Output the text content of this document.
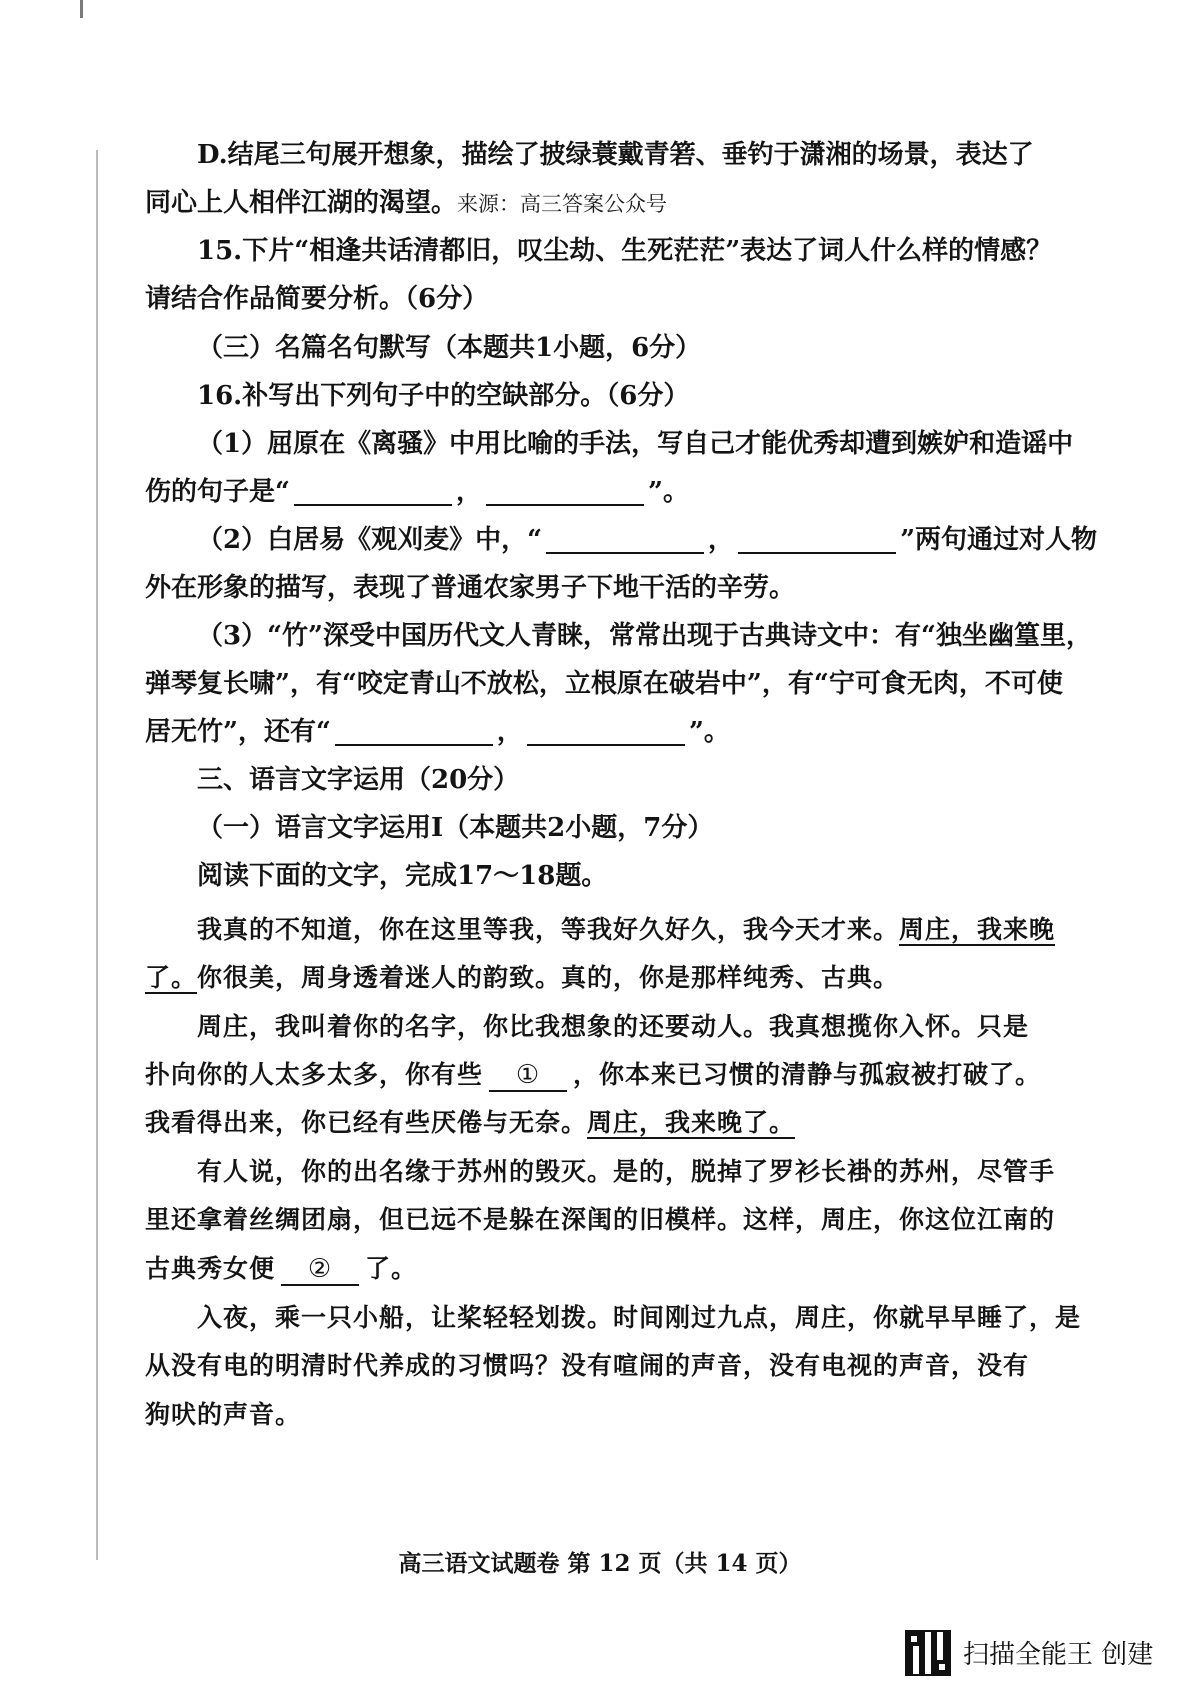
D.结尾三句展开想象，描绘了披绿蓑戴青箬、垂钓于潇湘的场景，表达了
同心上人相伴江湖的渴望。来源：高三答案公众号
15.下片“相逢共话清都旧，叹尘劫、生死茫茫”表达了词人什么样的情感？
请结合作品简要分析。（6分）
（三）名篇名句默写（本题共1小题，6分）
16.补写出下列句子中的空缺部分。（6分）
（1）屈原在《离骚》中用比喻的手法，写自己才能优秀却遭到嫉妒和造谣中
伤的句子是“	，	”。
（2）白居易《观刈麦》中，“	，	”两句通过对人物
外在形象的描写，表现了普通农家男子下地干活的辛劳。
（3）“竹”深受中国历代文人青睐，常常出现于古典诗文中：有“独坐幽篁里，
弹琴复长啸”，有“咬定青山不放松，立根原在破岩中”，有“宁可食无肉，不可使
居无竹”，还有“	，	”。
三、语言文字运用（20分）
（一）语言文字运用Ⅰ（本题共2小题，7分）
阅读下面的文字，完成17～18题。
我真的不知道，你在这里等我，等我好久好久，我今天才来。周庄，我来晚
了。你很美，周身透着迷人的韵致。真的，你是那样纯秀、古典。
周庄，我叫着你的名字，你比我想象的还要动人。我真想揽你入怀。只是
扑向你的人太多太多，你有些 ① ，你本来已习惯的清静与孤寂被打破了。
我看得出来，你已经有些厌倦与无奈。周庄，我来晚了。
有人说，你的出名缘于苏州的毁灭。是的，脱掉了罗衫长褂的苏州，尽管手
里还拿着丝绸团扇，但已远不是躲在深闺的旧模样。这样，周庄，你这位江南的
古典秀女便 ② 了。
入夜，乘一只小船，让桨轻轻划拨。时间刚过九点，周庄，你就早早睡了，是
从没有电的明清时代养成的习惯吗？没有喧闹的声音，没有电视的声音，没有
狗吠的声音。
高三语文试题卷 第 12 页（共 14 页）
扫描全能王 创建
